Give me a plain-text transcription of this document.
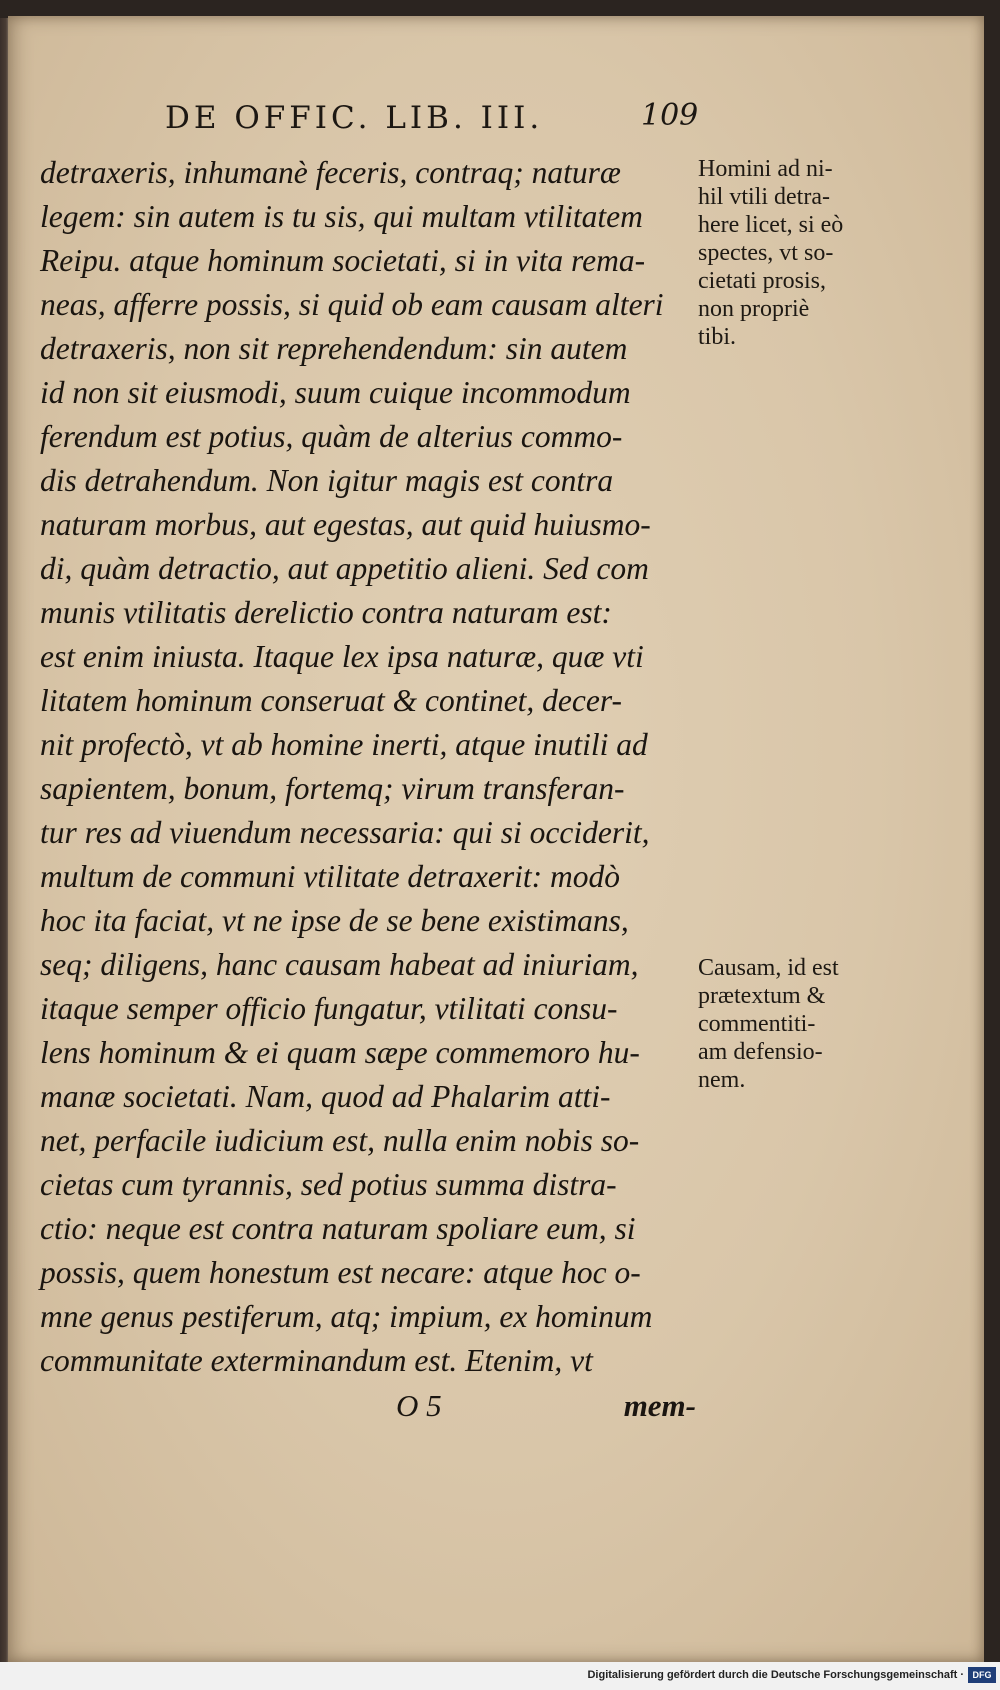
DE OFFIC. LIB. III.	109
detraxeris, inhumanè feceris, contraq; naturæ
legem: sin autem is tu sis, qui multam vtilitatem
Reipu. atque hominum societati, si in vita rema-
neas, afferre possis, si quid ob eam causam alteri
detraxeris, non sit reprehendendum: sin autem
id non sit eiusmodi, suum cuique incommodum
ferendum est potius, quàm de alterius commo-
dis detrahendum. Non igitur magis est contra
naturam morbus, aut egestas, aut quid huiusmo-
di, quàm detractio, aut appetitio alieni. Sed com
munis vtilitatis derelictio contra naturam est:
est enim iniusta. Itaque lex ipsa naturæ, quæ vti
litatem hominum conseruat & continet, decer-
nit profectò, vt ab homine inerti, atque inutili ad
sapientem, bonum, fortemq; virum transferan-
tur res ad viuendum necessaria: qui si occiderit,
multum de communi vtilitate detraxerit: modò
hoc ita faciat, vt ne ipse de se bene existimans,
seq; diligens, hanc causam habeat ad iniuriam,
itaque semper officio fungatur, vtilitati consu-
lens hominum & ei quam sæpe commemoro hu-
manæ societati. Nam, quod ad Phalarim atti-
net, perfacile iudicium est, nulla enim nobis so-
cietas cum tyrannis, sed potius summa distra-
ctio: neque est contra naturam spoliare eum, si
possis, quem honestum est necare: atque hoc o-
mne genus pestiferum, atq; impium, ex hominum
communitate exterminandum est. Etenim, vt
O 5	mem-
Homini ad ni-
hil vtili detra-
here licet, si eò
spectes, vt so-
cietati prosis,
non propriè
tibi.
Causam, id est
prætextum &
commentiti-
am defensio-
nem.
Digitalisierung gefördert durch die Deutsche Forschungsgemeinschaft · DFG
